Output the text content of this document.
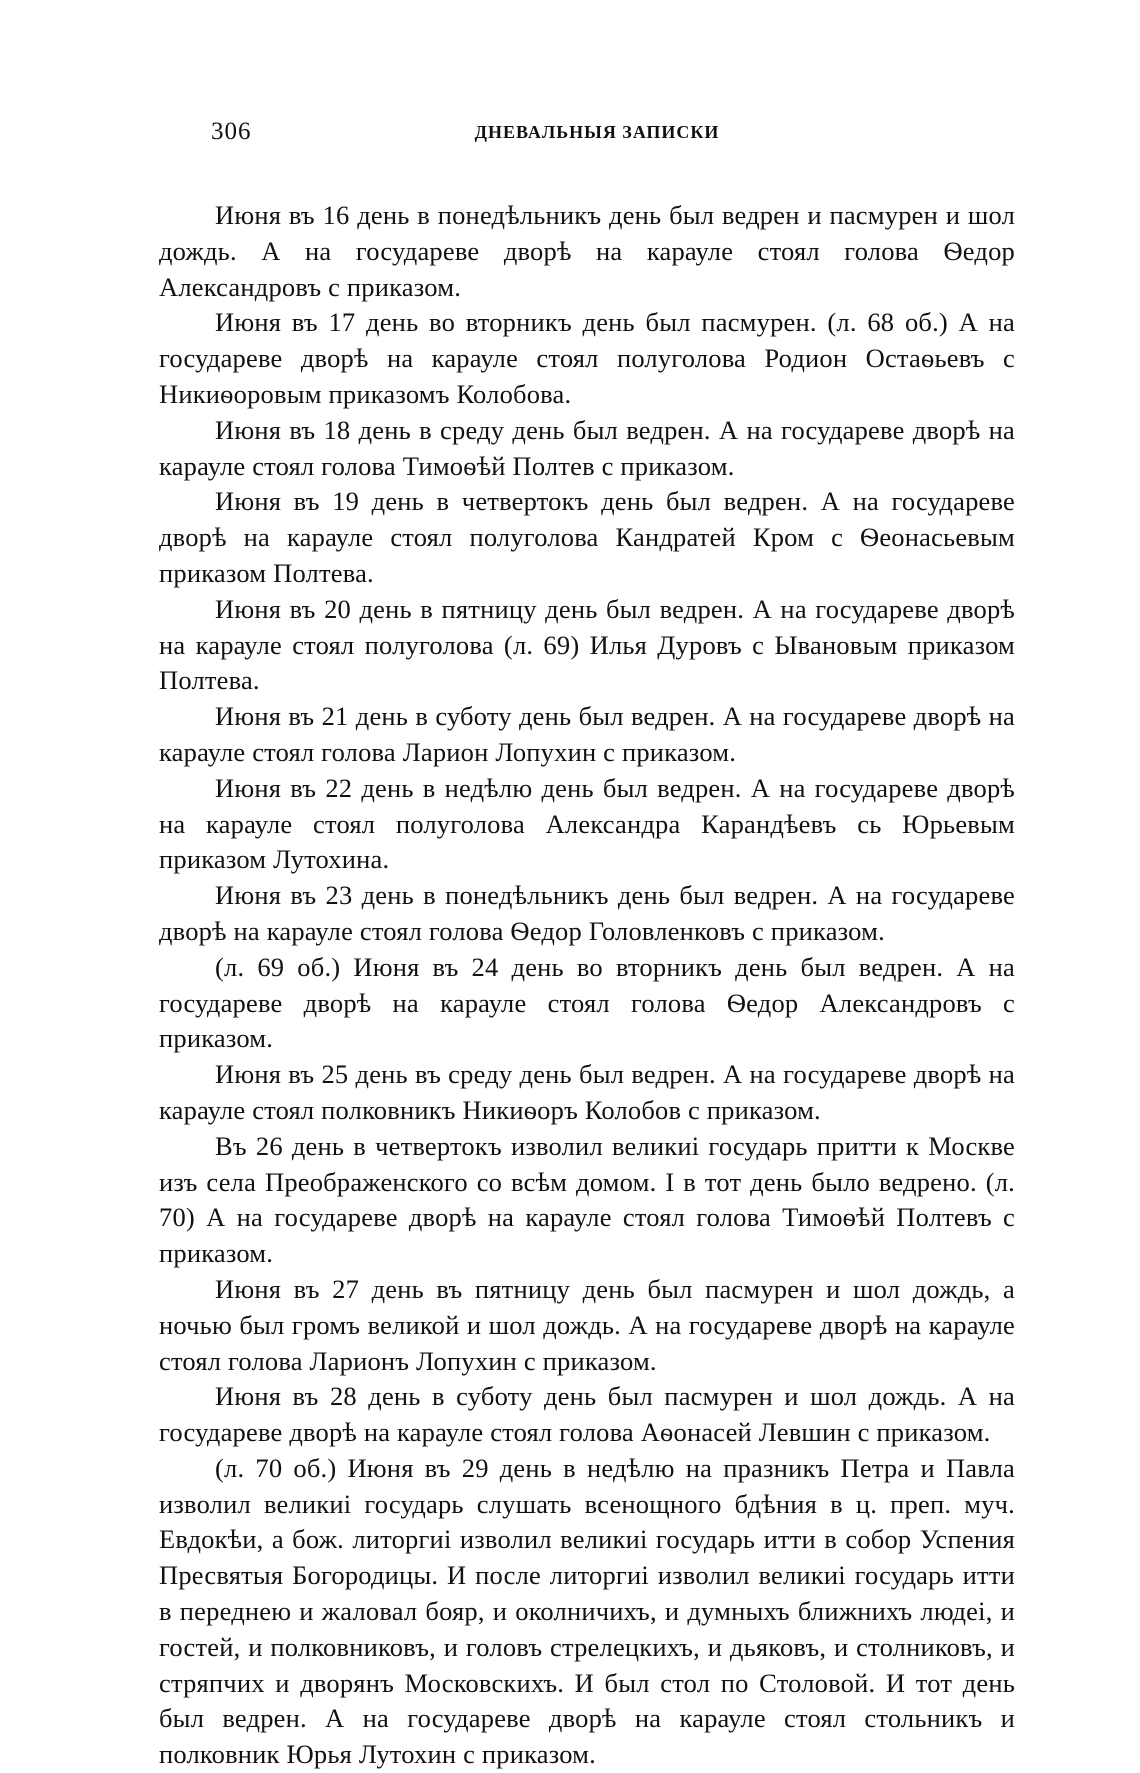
306	ДНЕВАЛЬНЫЯ ЗАПИСКИ

Июня въ 16 день в понедѣльникъ день был ведрен и пасмурен и шол дождь. А на государеве дворѣ на карауле стоял голова Ѳедор Александровъ с приказом.

Июня въ 17 день во вторникъ день был пасмурен. (л. 68 об.) А на государеве дворѣ на карауле стоял полуголова Родион Остаѳьевъ с Никиѳоровым приказомъ Колобова.

Июня въ 18 день в среду день был ведрен. А на государеве дворѣ на карауле стоял голова Тимоѳѣй Полтев с приказом.

Июня въ 19 день в четвертокъ день был ведрен. А на государеве дворѣ на карауле стоял полуголова Кандратей Кром с Ѳеонасьевым приказом Полтева.

Июня въ 20 день в пятницу день был ведрен. А на государеве дворѣ на карауле стоял полуголова (л. 69) Илья Дуровъ с Ывановым приказом Полтева.

Июня въ 21 день в суботу день был ведрен. А на государеве дворѣ на карауле стоял голова Ларион Лопухин с приказом.

Июня въ 22 день в недѣлю день был ведрен. А на государеве дворѣ на карауле стоял полуголова Александра Карандѣевъ сь Юрьевым приказом Лутохина.

Июня въ 23 день в понедѣльникъ день был ведрен. А на государеве дворѣ на карауле стоял голова Ѳедор Головленковъ с приказом.

(л. 69 об.) Июня въ 24 день во вторникъ день был ведрен. А на государеве дворѣ на карауле стоял голова Ѳедор Александровъ с приказом.

Июня въ 25 день въ среду день был ведрен. А на государеве дворѣ на карауле стоял полковникъ Никиѳоръ Колобов с приказом.

Въ 26 день в четвертокъ изволил великиі государь притти к Москве изъ села Преображенского со всѣм домом. І в тот день было ведрено. (л. 70) А на государеве дворѣ на карауле стоял голова Тимоѳѣй Полтевъ с приказом.

Июня въ 27 день въ пятницу день был пасмурен и шол дождь, а ночью был громъ великой и шол дождь. А на государеве дворѣ на карауле стоял голова Ларионъ Лопухин с приказом.

Июня въ 28 день в суботу день был пасмурен и шол дождь. А на государеве дворѣ на карауле стоял голова Аѳонасей Левшин с приказом.

(л. 70 об.) Июня въ 29 день в недѣлю на празникъ Петра и Павла изволил великиі государь слушать всенощного бдѣния в ц. преп. муч. Евдокѣи, а бож. литоргиі изволил великиі государь итти в собор Успения Пресвятыя Богородицы. И после литоргиі изволил великиі государь итти в переднею и жаловал бояр, и околничихъ, и думныхъ ближнихъ людеі, и гостей, и полковниковъ, и головъ стрелецкихъ, и дьяковъ, и столниковъ, и стряпчих и дворянъ Московскихъ. И был стол по Столовой. И тот день был ведрен. А на государеве дворѣ на карауле стоял стольникъ и полковник Юрья Лутохин с приказом.
